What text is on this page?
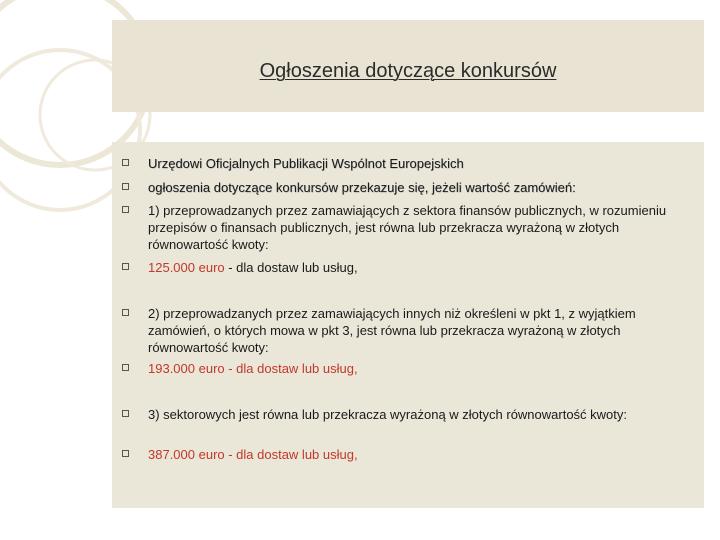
Ogłoszenia dotyczące konkursów
Urzędowi Oficjalnych Publikacji Wspólnot Europejskich
ogłoszenia dotyczące konkursów przekazuje się, jeżeli wartość zamówień:
1) przeprowadzanych przez zamawiających z sektora finansów publicznych, w rozumieniu przepisów o finansach publicznych, jest równa lub przekracza wyrażoną w złotych równowartość kwoty:
125.000 euro - dla dostaw lub usług,
2) przeprowadzanych przez zamawiających innych niż określeni w pkt 1, z wyjątkiem zamówień, o których mowa w pkt 3, jest równa lub przekracza wyrażoną w złotych równowartość kwoty:
193.000 euro - dla dostaw lub usług,
3) sektorowych jest równa lub przekracza wyrażoną w złotych równowartość kwoty:
387.000 euro - dla dostaw lub usług,
